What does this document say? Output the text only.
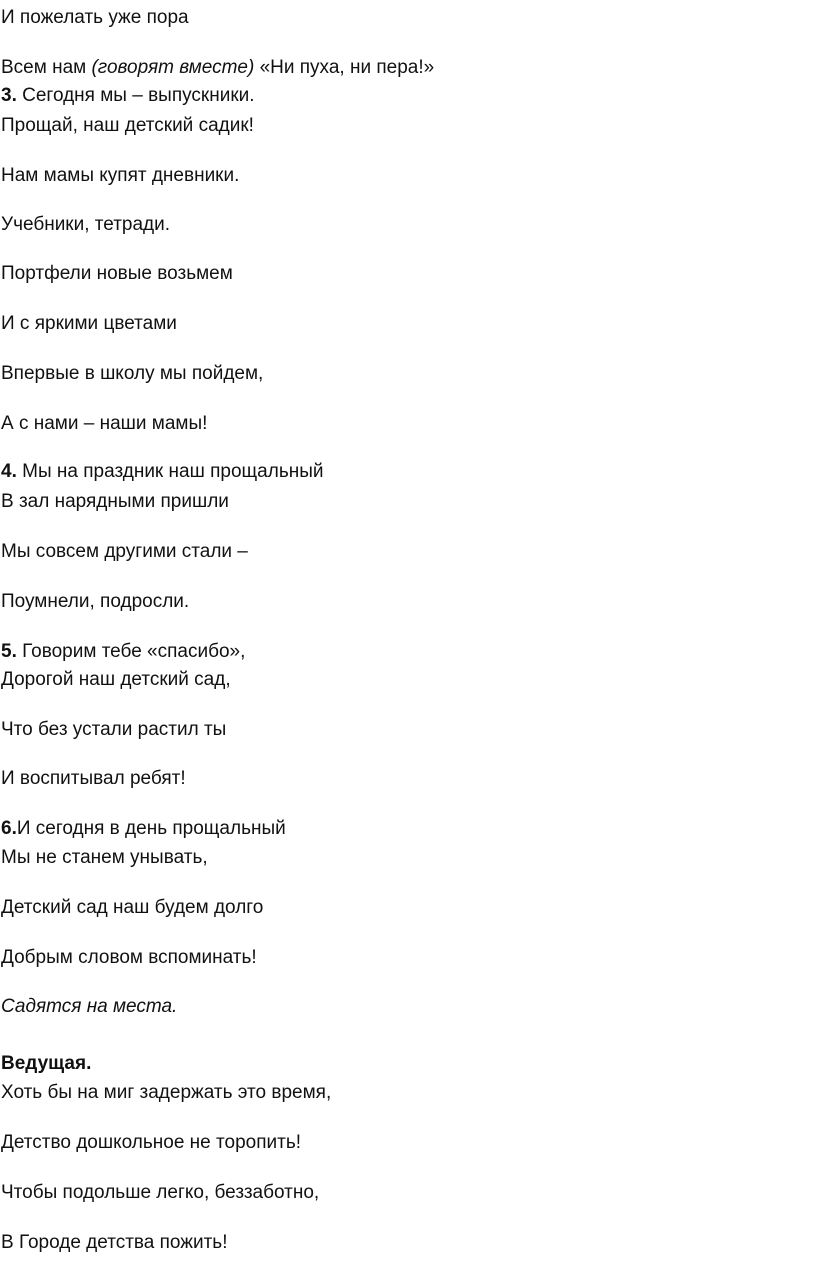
И пожелать уже пора
Всем нам (говорят вместе) «Ни пуха, ни пера!»
3. Сегодня мы – выпускники.
Прощай, наш детский садик!
Нам мамы купят дневники.
Учебники, тетради.
Портфели новые возьмем
И с яркими цветами
Впервые в школу мы пойдем,
А с нами – наши мамы!
4. Мы на праздник наш прощальный
В зал нарядными пришли
Мы совсем другими стали –
Поумнели, подросли.
5. Говорим тебе «спасибо»,
Дорогой наш детский сад,
Что без устали растил ты
И воспитывал ребят!
6.И сегодня в день прощальный
Мы не станем унывать,
Детский сад наш будем долго
Добрым словом вспоминать!
Садятся на места.
Ведущая.
Хоть бы на миг задержать это время,
Детство дошкольное не торопить!
Чтобы подольше легко, беззаботно,
В Городе детства пожить!
